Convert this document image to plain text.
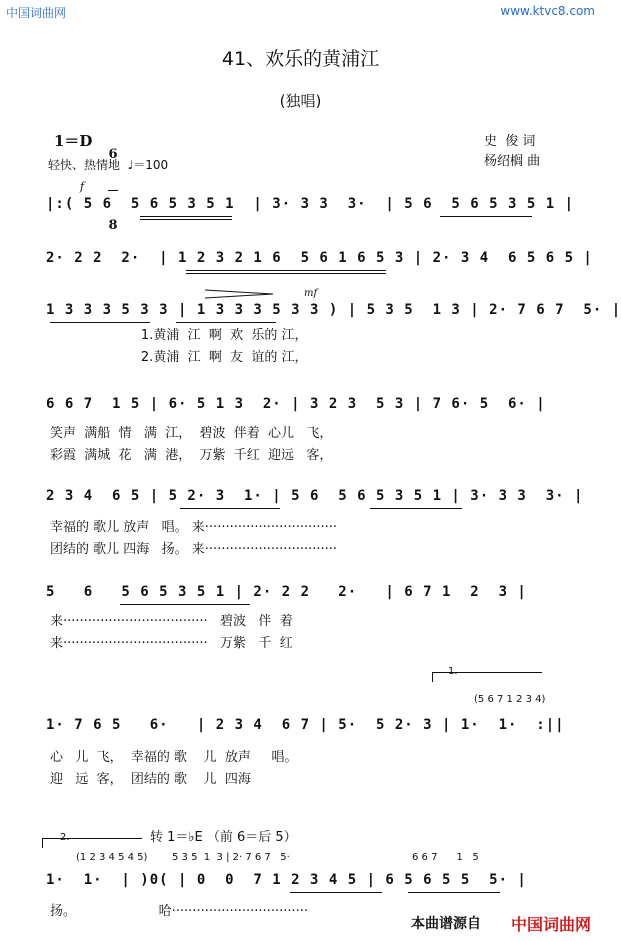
中国词曲网	www.ktvc8.com
41、欢乐的黄浦江
(独唱)
1＝D

6

8

轻快、热情地  ♩＝100
史  俊 词
杨绍榈 曲
f
mf
|:( 5 6  5 6 5 3 5 1  | 3· 3 3  3·  | 5 6  5 6 5 3 5 1 |
2· 2 2  2·  | 1 2 3 2 1 6  5 6 1 6 5 3 | 2· 3 4  6 5 6 5 |
1 3 3 3 5 3 3 | 1 3 3 3 5 3 3 ) | 5 3 5  1 3 | 2· 7 6 7  5· |
6 6 7  1 5 | 6· 5 1 3  2· | 3 2 3  5 3 | 7 6· 5  6· |
2 3 4  6 5 | 5 2· 3  1· | 5 6  5 6 5 3 5 1 | 3· 3 3  3· |
5   6   5 6 5 3 5 1 | 2· 2 2   2·   | 6 7 1  2  3 |
1· 7 6 5   6·   | 2 3 4  6 7 | 5·  5 2· 3 | 1·  1·  :||
1·  1·  | )0( | 0  0  7 1 2 3 4 5 | 6 5 6 5 5  5· |
1.黄浦  江  啊  欢  乐的 江，
2.黄浦  江  啊  友  谊的 江，
笑声  满船  情   满  江，  碧波  伴着  心儿   飞，
彩霞  满城  花   满  港，  万紫  千红  迎远   客，
幸福的 歌儿 放声   唱。 来································
团结的 歌儿 四海   扬。 来································
来···································   碧波   伴  着
来···································   万紫   千  红
心   儿  飞，  幸福的 歌    儿  放声     唱。
迎   远  客，  团结的 歌    儿  四海
扬。                    哈·································
(5 6 7 1 2 3 4)
转 1＝♭E （前 6＝后 5）
(1 2 3 4 5 4 5) 5 3 5  1  3 | 2· 7 6 7   5·	6 6 7      1   5
本曲谱源自 中国词曲网
